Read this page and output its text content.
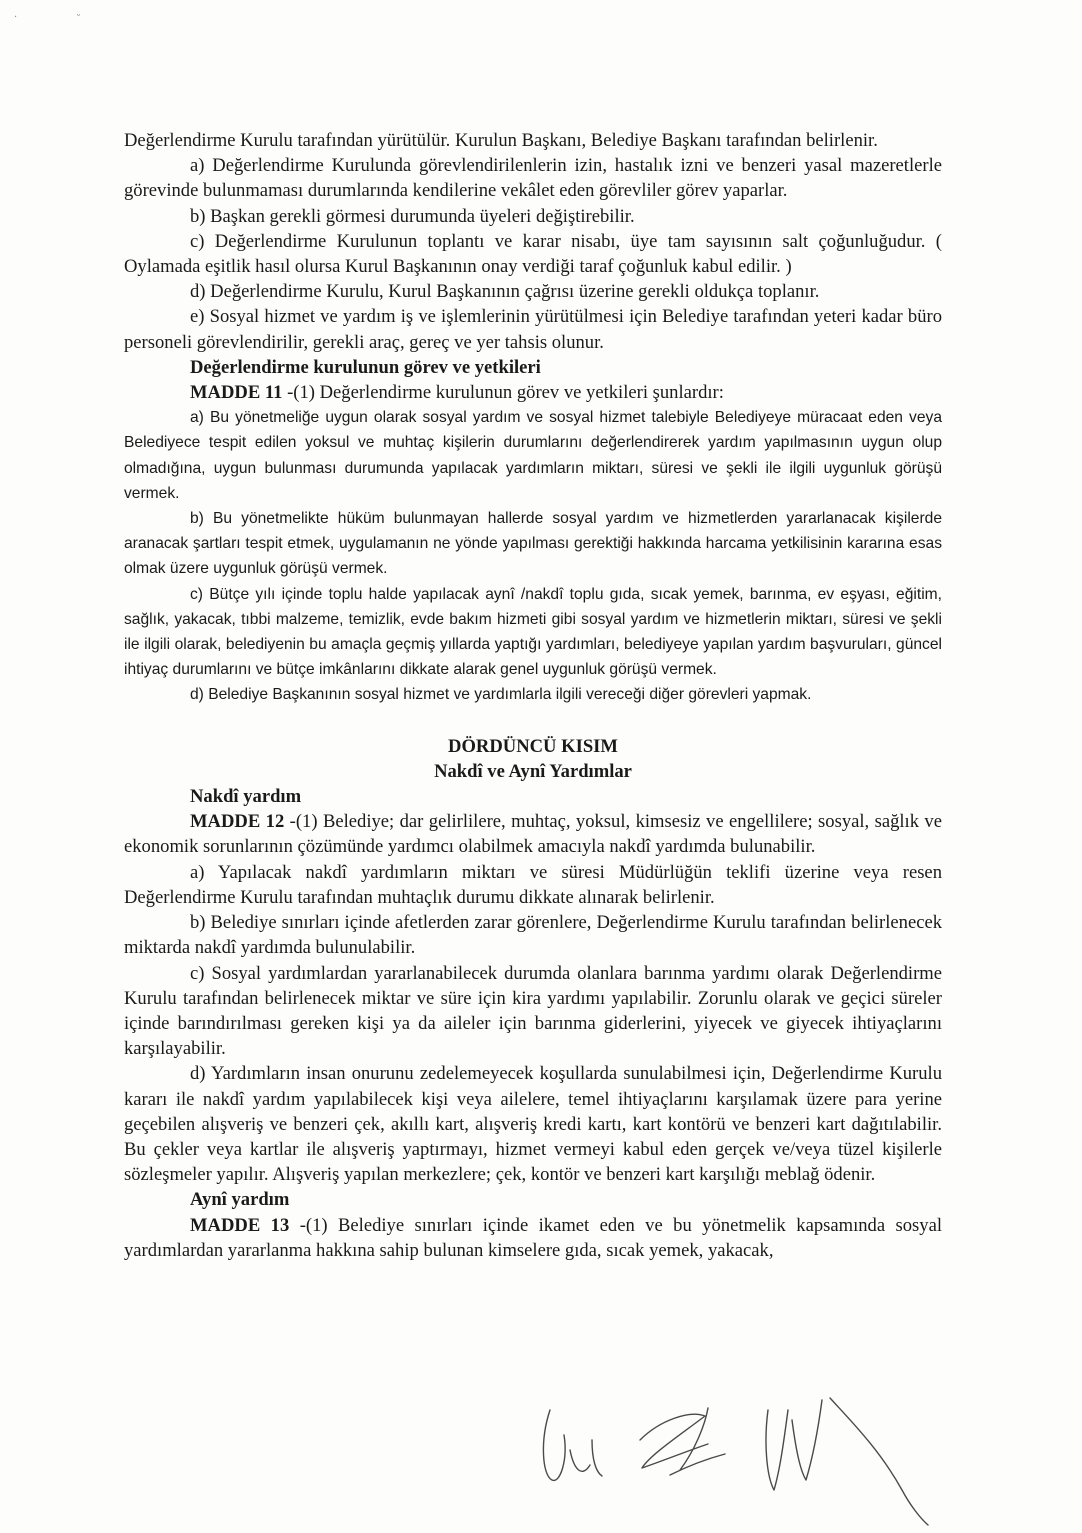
·	˘

Değerlendirme Kurulu tarafından yürütülür. Kurulun Başkanı, Belediye Başkanı tarafından belirlenir.

a) Değerlendirme Kurulunda görevlendirilenlerin izin, hastalık izni ve benzeri yasal mazeretlerle görevinde bulunmaması durumlarında kendilerine vekâlet eden görevliler görev yaparlar.

b) Başkan gerekli görmesi durumunda üyeleri değiştirebilir.

c) Değerlendirme Kurulunun toplantı ve karar nisabı, üye tam sayısının salt çoğunluğudur. ( Oylamada eşitlik hasıl olursa Kurul Başkanının onay verdiği taraf çoğunluk kabul edilir. )

d) Değerlendirme Kurulu, Kurul Başkanının çağrısı üzerine gerekli oldukça toplanır.

e) Sosyal hizmet ve yardım iş ve işlemlerinin yürütülmesi için Belediye tarafından yeteri kadar büro personeli görevlendirilir, gerekli araç, gereç ve yer tahsis olunur.

Değerlendirme kurulunun görev ve yetkileri

MADDE 11 -(1) Değerlendirme kurulunun görev ve yetkileri şunlardır:

a) Bu yönetmeliğe uygun olarak sosyal yardım ve sosyal hizmet talebiyle Belediyeye müracaat eden veya Belediyece tespit edilen yoksul ve muhtaç kişilerin durumlarını değerlendirerek yardım yapılmasının uygun olup olmadığına, uygun bulunması durumunda yapılacak yardımların miktarı, süresi ve şekli ile ilgili uygunluk görüşü vermek.

b) Bu yönetmelikte hüküm bulunmayan hallerde sosyal yardım ve hizmetlerden yararlanacak kişilerde aranacak şartları tespit etmek, uygulamanın ne yönde yapılması gerektiği hakkında harcama yetkilisinin kararına esas olmak üzere uygunluk görüşü vermek.

c) Bütçe yılı içinde toplu halde yapılacak aynî /nakdî toplu gıda, sıcak yemek, barınma, ev eşyası, eğitim, sağlık, yakacak, tıbbi malzeme, temizlik, evde bakım hizmeti gibi sosyal yardım ve hizmetlerin miktarı, süresi ve şekli ile ilgili olarak, belediyenin bu amaçla geçmiş yıllarda yaptığı yardımları, belediyeye yapılan yardım başvuruları, güncel ihtiyaç durumlarını ve bütçe imkânlarını dikkate alarak genel uygunluk görüşü vermek.

d) Belediye Başkanının sosyal hizmet ve yardımlarla ilgili vereceği diğer görevleri yapmak.

DÖRDÜNCÜ KISIM

Nakdî ve Aynî Yardımlar

Nakdî yardım

MADDE 12 -(1) Belediye; dar gelirlilere, muhtaç, yoksul, kimsesiz ve engellilere; sosyal, sağlık ve ekonomik sorunlarının çözümünde yardımcı olabilmek amacıyla nakdî yardımda bulunabilir.

a) Yapılacak nakdî yardımların miktarı ve süresi Müdürlüğün teklifi üzerine veya resen Değerlendirme Kurulu tarafından muhtaçlık durumu dikkate alınarak belirlenir.

b) Belediye sınırları içinde afetlerden zarar görenlere, Değerlendirme Kurulu tarafından belirlenecek miktarda nakdî yardımda bulunulabilir.

c) Sosyal yardımlardan yararlanabilecek durumda olanlara barınma yardımı olarak Değerlendirme Kurulu tarafından belirlenecek miktar ve süre için kira yardımı yapılabilir. Zorunlu olarak ve geçici süreler içinde barındırılması gereken kişi ya da aileler için barınma giderlerini, yiyecek ve giyecek ihtiyaçlarını karşılayabilir.

d) Yardımların insan onurunu zedelemeyecek koşullarda sunulabilmesi için, Değerlendirme Kurulu kararı ile nakdî yardım yapılabilecek kişi veya ailelere, temel ihtiyaçlarını karşılamak üzere para yerine geçebilen alışveriş ve benzeri çek, akıllı kart, alışveriş kredi kartı, kart kontörü ve benzeri kart dağıtılabilir. Bu çekler veya kartlar ile alışveriş yaptırmayı, hizmet vermeyi kabul eden gerçek ve/veya tüzel kişilerle sözleşmeler yapılır. Alışveriş yapılan merkezlere; çek, kontör ve benzeri kart karşılığı meblağ ödenir.

Aynî yardım

MADDE 13 -(1) Belediye sınırları içinde ikamet eden ve bu yönetmelik kapsamında sosyal yardımlardan yararlanma hakkına sahip bulunan kimselere gıda, sıcak yemek, yakacak,
